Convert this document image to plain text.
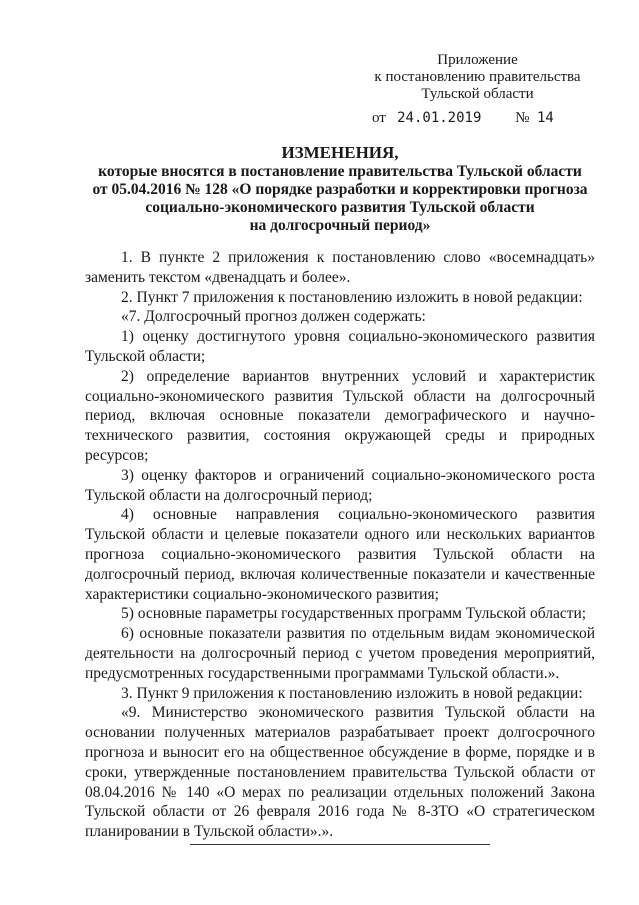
Приложение
к постановлению правительства
Тульской области
от 24.01.2019 № 14
ИЗМЕНЕНИЯ,
которые вносятся в постановление правительства Тульской области
от 05.04.2016 № 128 «О порядке разработки и корректировки прогноза
социально-экономического развития Тульской области
на долгосрочный период»

1. В пункте 2 приложения к постановлению слово «восемнадцать» заменить текстом «двенадцать и более».

2. Пункт 7 приложения к постановлению изложить в новой редакции:

«7. Долгосрочный прогноз должен содержать:

1) оценку достигнутого уровня социально-экономического развития Тульской области;

2) определение вариантов внутренних условий и характеристик социально-экономического развития Тульской области на долгосрочный период, включая основные показатели демографического и научно-технического развития, состояния окружающей среды и природных ресурсов;

3) оценку факторов и ограничений социально-экономического роста Тульской области на долгосрочный период;

4) основные направления социально-экономического развития Тульской области и целевые показатели одного или нескольких вариантов прогноза социально-экономического развития Тульской области на долгосрочный период, включая количественные показатели и качественные характеристики социально-экономического развития;

5) основные параметры государственных программ Тульской области;

6) основные показатели развития по отдельным видам экономической деятельности на долгосрочный период с учетом проведения мероприятий, предусмотренных государственными программами Тульской области.».

3. Пункт 9 приложения к постановлению изложить в новой редакции:

«9. Министерство экономического развития Тульской области на основании полученных материалов разрабатывает проект долгосрочного прогноза и выносит его на общественное обсуждение в форме, порядке и в сроки, утвержденные постановлением правительства Тульской области от 08.04.2016 № 140 «О мерах по реализации отдельных положений Закона Тульской области от 26 февраля 2016 года № 8-ЗТО «О стратегическом планировании в Тульской области».».
